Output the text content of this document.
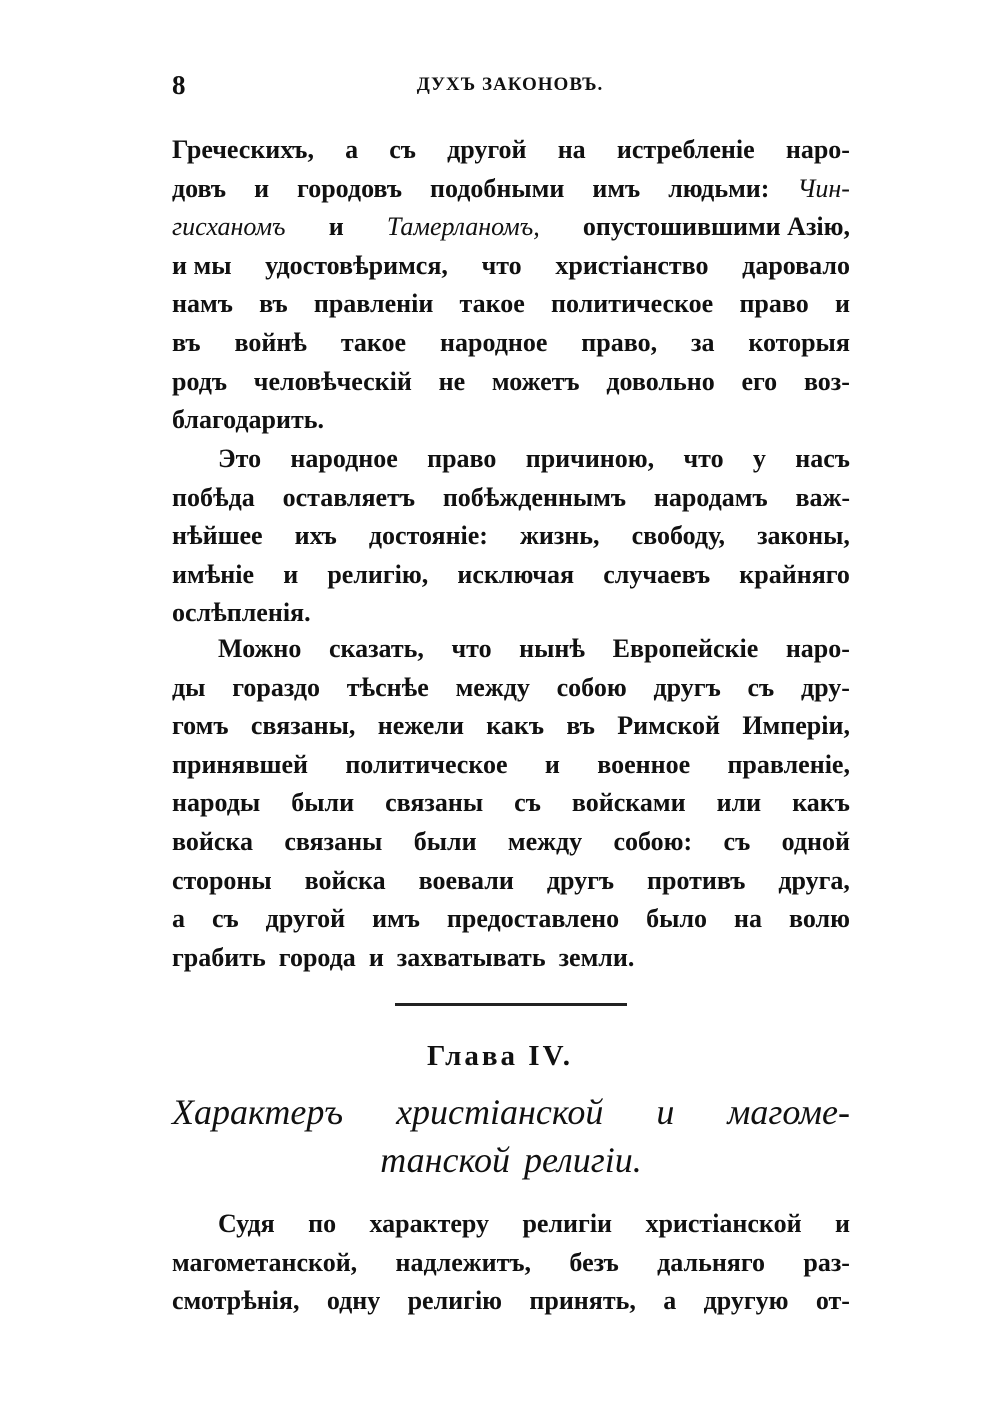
8	ДУХЪ ЗАКОНОВЪ.
Греческихъ, а съ другой на истребленіе наро-
довъ и городовъ подобными имъ людьми: Чин-
гисханомъ и Тамерланомъ, опустошившими Азію,
и мы удостовѣримся, что христіанство даровало
намъ въ правленіи такое политическое право и
въ войнѣ такое народное право, за которыя
родъ человѣческій не можетъ довольно его воз-
благодарить.
Это народное право причиною, что у насъ
побѣда оставляетъ побѣжденнымъ народамъ важ-
нѣйшее ихъ достояніе: жизнь, свободу, законы,
имѣніе и религію, исключая случаевъ крайняго
ослѣпленія.
Можно сказать, что нынѣ Европейскіе наро-
ды гораздо тѣснѣе между собою другъ съ дру-
гомъ связаны, нежели какъ въ Римской Имперіи,
принявшей политическое и военное правленіе,
народы были связаны съ войсками или какъ
войска связаны были между собою: съ одной
стороны войска воевали другъ противъ друга,
а съ другой имъ предоставлено было на волю
грабить города и захватывать земли.
Глава IV.
Характеръ христіанской и магоме-
танской религіи.
Судя по характеру религіи христіанской и
магометанской, надлежитъ, безъ дальняго раз-
смотрѣнія, одну религію принять, а другую от-
